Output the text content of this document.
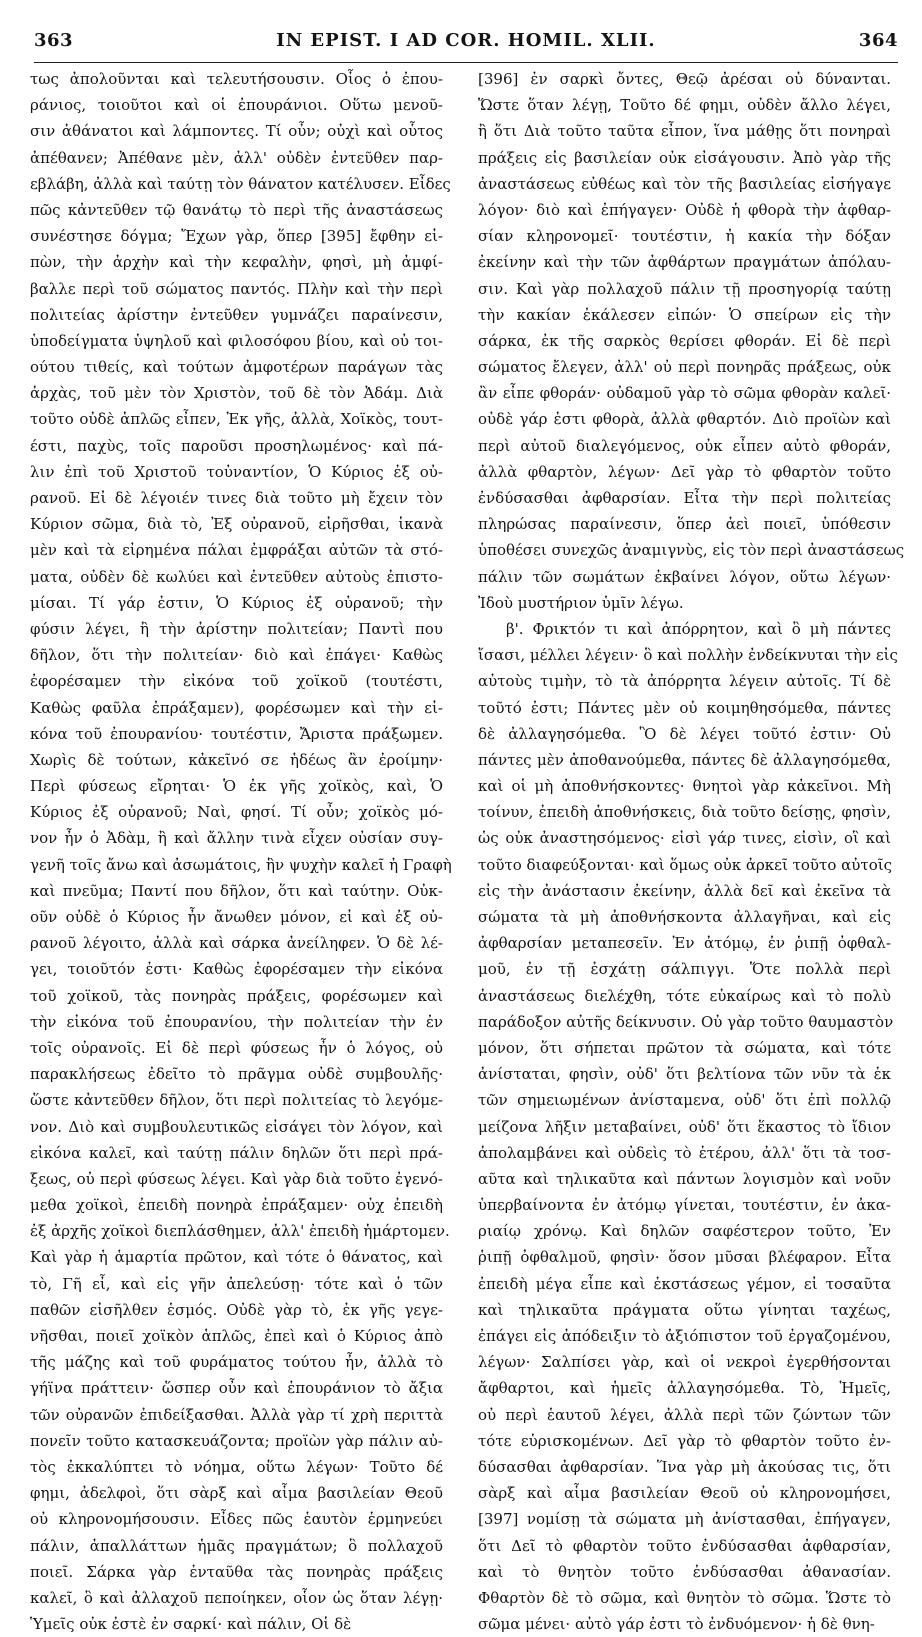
363	IN EPIST. I AD COR. HOMIL. XLII.	364
τως ἀπολοῦνται καὶ τελευτήσουσιν. Οἷος ὁ ἐπου-
ράνιος, τοιοῦτοι καὶ οἱ ἐπουράνιοι. Οὕτω μενοῦ-
σιν ἀθάνατοι καὶ λάμποντες. Τί οὖν; οὐχὶ καὶ οὗτος
ἀπέθανεν; Ἀπέθανε μὲν, ἀλλ' οὐδὲν ἐντεῦθεν παρ-
εβλάβη, ἀλλὰ καὶ ταύτῃ τὸν θάνατον κατέλυσεν. Εἶδες
πῶς κἀντεῦθεν τῷ θανάτῳ τὸ περὶ τῆς ἀναστάσεως
συνέστησε δόγμα; Ἔχων γὰρ, ὅπερ [395] ἔφθην εἰ-
πὼν, τὴν ἀρχὴν καὶ τὴν κεφαλὴν, φησὶ, μὴ ἀμφί-
βαλλε περὶ τοῦ σώματος παντός. Πλὴν καὶ τὴν περὶ
πολιτείας ἀρίστην ἐντεῦθεν γυμνάζει παραίνεσιν,
ὑποδείγματα ὑψηλοῦ καὶ φιλοσόφου βίου, καὶ οὐ τοι-
ούτου τιθείς, καὶ τούτων ἀμφοτέρων παράγων τὰς
ἀρχὰς, τοῦ μὲν τὸν Χριστὸν, τοῦ δὲ τὸν Ἀδάμ. Διὰ
τοῦτο οὐδὲ ἁπλῶς εἶπεν, Ἐκ γῆς, ἀλλὰ, Χοϊκὸς, τουτ-
έστι, παχὺς, τοῖς παροῦσι προσηλωμένος· καὶ πά-
λιν ἐπὶ τοῦ Χριστοῦ τοὐναντίον, Ὁ Κύριος ἐξ οὐ-
ρανοῦ. Εἰ δὲ λέγοιέν τινες διὰ τοῦτο μὴ ἔχειν τὸν
Κύριον σῶμα, διὰ τὸ, Ἐξ οὐρανοῦ, εἰρῆσθαι, ἱκανὰ
μὲν καὶ τὰ εἰρημένα πάλαι ἐμφράξαι αὐτῶν τὰ στό-
ματα, οὐδὲν δὲ κωλύει καὶ ἐντεῦθεν αὐτοὺς ἐπιστο-
μίσαι. Τί γάρ ἐστιν, Ὁ Κύριος ἐξ οὐρανοῦ; τὴν
φύσιν λέγει, ἢ τὴν ἀρίστην πολιτείαν; Παντὶ που
δῆλον, ὅτι τὴν πολιτείαν· διὸ καὶ ἐπάγει· Καθὼς
ἐφορέσαμεν τὴν εἰκόνα τοῦ χοϊκοῦ (τουτέστι,
Καθὼς φαῦλα ἐπράξαμεν), φορέσωμεν καὶ τὴν εἰ-
κόνα τοῦ ἐπουρανίου· τουτέστιν, Ἄριστα πράξωμεν.
Χωρὶς δὲ τούτων, κἀκεῖνό σε ἡδέως ἂν ἐροίμην·
Περὶ φύσεως εἴρηται· Ὁ ἐκ γῆς χοϊκὸς, καὶ, Ὁ
Κύριος ἐξ οὐρανοῦ; Ναὶ, φησί. Τί οὖν; χοϊκὸς μό-
νον ἦν ὁ Ἀδὰμ, ἢ καὶ ἄλλην τινὰ εἶχεν οὐσίαν συγ-
γενῆ τοῖς ἄνω καὶ ἀσωμάτοις, ἣν ψυχὴν καλεῖ ἡ Γραφὴ
καὶ πνεῦμα; Παντί που δῆλον, ὅτι καὶ ταύτην. Οὐκ-
οῦν οὐδὲ ὁ Κύριος ἦν ἄνωθεν μόνον, εἰ καὶ ἐξ οὐ-
ρανοῦ λέγοιτο, ἀλλὰ καὶ σάρκα ἀνείληφεν. Ὁ δὲ λέ-
γει, τοιοῦτόν ἐστι· Καθὼς ἐφορέσαμεν τὴν εἰκόνα
τοῦ χοϊκοῦ, τὰς πονηρὰς πράξεις, φορέσωμεν καὶ
τὴν εἰκόνα τοῦ ἐπουρανίου, τὴν πολιτείαν τὴν ἐν
τοῖς οὐρανοῖς. Εἰ δὲ περὶ φύσεως ἦν ὁ λόγος, οὐ
παρακλήσεως ἐδεῖτο τὸ πρᾶγμα οὐδὲ συμβουλῆς·
ὥστε κἀντεῦθεν δῆλον, ὅτι περὶ πολιτείας τὸ λεγόμε-
νον. Διὸ καὶ συμβουλευτικῶς εἰσάγει τὸν λόγον, καὶ
εἰκόνα καλεῖ, καὶ ταύτῃ πάλιν δηλῶν ὅτι περὶ πρά-
ξεως, οὐ περὶ φύσεως λέγει. Καὶ γὰρ διὰ τοῦτο ἐγενό-
μεθα χοϊκοὶ, ἐπειδὴ πονηρὰ ἐπράξαμεν· οὐχ ἐπειδὴ
ἐξ ἀρχῆς χοϊκοὶ διεπλάσθημεν, ἀλλ' ἐπειδὴ ἡμάρτομεν.
Καὶ γὰρ ἡ ἁμαρτία πρῶτον, καὶ τότε ὁ θάνατος, καὶ
τὸ, Γῆ εἶ, καὶ εἰς γῆν ἀπελεύσῃ· τότε καὶ ὁ τῶν
παθῶν εἰσῆλθεν ἑσμός. Οὐδὲ γὰρ τὸ, ἐκ γῆς γεγε-
νῆσθαι, ποιεῖ χοϊκὸν ἁπλῶς, ἐπεὶ καὶ ὁ Κύριος ἀπὸ
τῆς μάζης καὶ τοῦ φυράματος τούτου ἦν, ἀλλὰ τὸ
γήϊνα πράττειν· ὥσπερ οὖν καὶ ἐπουράνιον τὸ ἄξια
τῶν οὐρανῶν ἐπιδείξασθαι. Ἀλλὰ γὰρ τί χρὴ περιττὰ
πονεῖν τοῦτο κατασκευάζοντα; προϊὼν γὰρ πάλιν αὐ-
τὸς ἐκκαλύπτει τὸ νόημα, οὕτω λέγων· Τοῦτο δέ
φημι, ἀδελφοὶ, ὅτι σὰρξ καὶ αἷμα βασιλείαν Θεοῦ
οὐ κληρονομήσουσιν. Εἶδες πῶς ἑαυτὸν ἑρμηνεύει
πάλιν, ἀπαλλάττων ἡμᾶς πραγμάτων; ὃ πολλαχοῦ
ποιεῖ. Σάρκα γὰρ ἐνταῦθα τὰς πονηρὰς πράξεις
καλεῖ, ὃ καὶ ἀλλαχοῦ πεποίηκεν, οἷον ὡς ὅταν λέγῃ·
Ὑμεῖς οὐκ ἐστὲ ἐν σαρκί· καὶ πάλιν, Οἱ δὲ
[396] ἐν σαρκὶ ὄντες, Θεῷ ἀρέσαι οὐ δύνανται.
Ὥστε ὅταν λέγῃ, Τοῦτο δέ φημι, οὐδὲν ἄλλο λέγει,
ἢ ὅτι Διὰ τοῦτο ταῦτα εἶπον, ἵνα μάθῃς ὅτι πονηραὶ
πράξεις εἰς βασιλείαν οὐκ εἰσάγουσιν. Ἀπὸ γὰρ τῆς
ἀναστάσεως εὐθέως καὶ τὸν τῆς βασιλείας εἰσήγαγε
λόγον· διὸ καὶ ἐπήγαγεν· Οὐδὲ ἡ φθορὰ τὴν ἀφθαρ-
σίαν κληρονομεῖ· τουτέστιν, ἡ κακία τὴν δόξαν
ἐκείνην καὶ τὴν τῶν ἀφθάρτων πραγμάτων ἀπόλαυ-
σιν. Καὶ γὰρ πολλαχοῦ πάλιν τῇ προσηγορίᾳ ταύτῃ
τὴν κακίαν ἐκάλεσεν εἰπών· Ὁ σπείρων εἰς τὴν
σάρκα, ἐκ τῆς σαρκὸς θερίσει φθοράν. Εἰ δὲ περὶ
σώματος ἔλεγεν, ἀλλ' οὐ περὶ πονηρᾶς πράξεως, οὐκ
ἂν εἶπε φθοράν· οὐδαμοῦ γὰρ τὸ σῶμα φθορὰν καλεῖ·
οὐδὲ γάρ ἐστι φθορὰ, ἀλλὰ φθαρτόν. Διὸ προϊὼν καὶ
περὶ αὐτοῦ διαλεγόμενος, οὐκ εἶπεν αὐτὸ φθοράν,
ἀλλὰ φθαρτὸν, λέγων· Δεῖ γὰρ τὸ φθαρτὸν τοῦτο
ἐνδύσασθαι ἀφθαρσίαν. Εἶτα τὴν περὶ πολιτείας
πληρώσας παραίνεσιν, ὅπερ ἀεὶ ποιεῖ, ὑπόθεσιν
ὑποθέσει συνεχῶς ἀναμιγνὺς, εἰς τὸν περὶ ἀναστάσεως
πάλιν τῶν σωμάτων ἐκβαίνει λόγον, οὕτω λέγων·
Ἰδοὺ μυστήριον ὑμῖν λέγω.
β'. Φρικτόν τι καὶ ἀπόρρητον, καὶ ὃ μὴ πάντες
ἴσασι, μέλλει λέγειν· ὃ καὶ πολλὴν ἐνδείκνυται τὴν εἰς
αὐτοὺς τιμὴν, τὸ τὰ ἀπόρρητα λέγειν αὐτοῖς. Τί δὲ
τοῦτό ἐστι; Πάντες μὲν οὐ κοιμηθησόμεθα, πάντες
δὲ ἀλλαγησόμεθα. Ὃ δὲ λέγει τοῦτό ἐστιν· Οὐ
πάντες μὲν ἀποθανούμεθα, πάντες δὲ ἀλλαγησόμεθα,
καὶ οἱ μὴ ἀποθνήσκοντες· θνητοὶ γὰρ κἀκεῖνοι. Μὴ
τοίνυν, ἐπειδὴ ἀποθνήσκεις, διὰ τοῦτο δείσῃς, φησὶν,
ὡς οὐκ ἀναστησόμενος· εἰσὶ γάρ τινες, εἰσὶν, οἳ καὶ
τοῦτο διαφεύξονται· καὶ ὅμως οὐκ ἀρκεῖ τοῦτο αὐτοῖς
εἰς τὴν ἀνάστασιν ἐκείνην, ἀλλὰ δεῖ καὶ ἐκεῖνα τὰ
σώματα τὰ μὴ ἀποθνήσκοντα ἀλλαγῆναι, καὶ εἰς
ἀφθαρσίαν μεταπεσεῖν. Ἐν ἀτόμῳ, ἐν ῥιπῇ ὀφθαλ-
μοῦ, ἐν τῇ ἐσχάτῃ σάλπιγγι. Ὅτε πολλὰ περὶ
ἀναστάσεως διελέχθη, τότε εὐκαίρως καὶ τὸ πολὺ
παράδοξον αὐτῆς δείκνυσιν. Οὐ γὰρ τοῦτο θαυμαστὸν
μόνον, ὅτι σήπεται πρῶτον τὰ σώματα, καὶ τότε
ἀνίσταται, φησὶν, οὐδ' ὅτι βελτίονα τῶν νῦν τὰ ἐκ
τῶν σημειωμένων ἀνίσταμενα, οὐδ' ὅτι ἐπὶ πολλῷ
μείζονα λῆξιν μεταβαίνει, οὐδ' ὅτι ἕκαστος τὸ ἴδιον
ἀπολαμβάνει καὶ οὐδεὶς τὸ ἑτέρου, ἀλλ' ὅτι τὰ τοσ-
αῦτα καὶ τηλικαῦτα καὶ πάντων λογισμὸν καὶ νοῦν
ὑπερβαίνοντα ἐν ἀτόμῳ γίνεται, τουτέστιν, ἐν ἀκα-
ριαίῳ χρόνῳ. Καὶ δηλῶν σαφέστερον τοῦτο, Ἐν
ῥιπῇ ὀφθαλμοῦ, φησὶν· ὅσον μῦσαι βλέφαρον. Εἶτα
ἐπειδὴ μέγα εἶπε καὶ ἐκστάσεως γέμον, εἰ τοσαῦτα
καὶ τηλικαῦτα πράγματα οὕτω γίνηται ταχέως,
ἐπάγει εἰς ἀπόδειξιν τὸ ἀξιόπιστον τοῦ ἐργαζομένου,
λέγων· Σαλπίσει γὰρ, καὶ οἱ νεκροὶ ἐγερθήσονται
ἄφθαρτοι, καὶ ἡμεῖς ἀλλαγησόμεθα. Τὸ, Ἡμεῖς,
οὐ περὶ ἑαυτοῦ λέγει, ἀλλὰ περὶ τῶν ζώντων τῶν
τότε εὑρισκομένων. Δεῖ γὰρ τὸ φθαρτὸν τοῦτο ἐν-
δύσασθαι ἀφθαρσίαν. Ἵνα γὰρ μὴ ἀκούσας τις, ὅτι
σὰρξ καὶ αἷμα βασιλείαν Θεοῦ οὐ κληρονομήσει,
[397] νομίσῃ τὰ σώματα μὴ ἀνίστασθαι, ἐπήγαγεν,
ὅτι Δεῖ τὸ φθαρτὸν τοῦτο ἐνδύσασθαι ἀφθαρσίαν,
καὶ τὸ θνητὸν τοῦτο ἐνδύσασθαι ἀθανασίαν.
Φθαρτὸν δὲ τὸ σῶμα, καὶ θνητὸν τὸ σῶμα. Ὥστε τὸ
σῶμα μένει· αὐτὸ γάρ ἐστι τὸ ἐνδυόμενον· ἡ δὲ θνη-
